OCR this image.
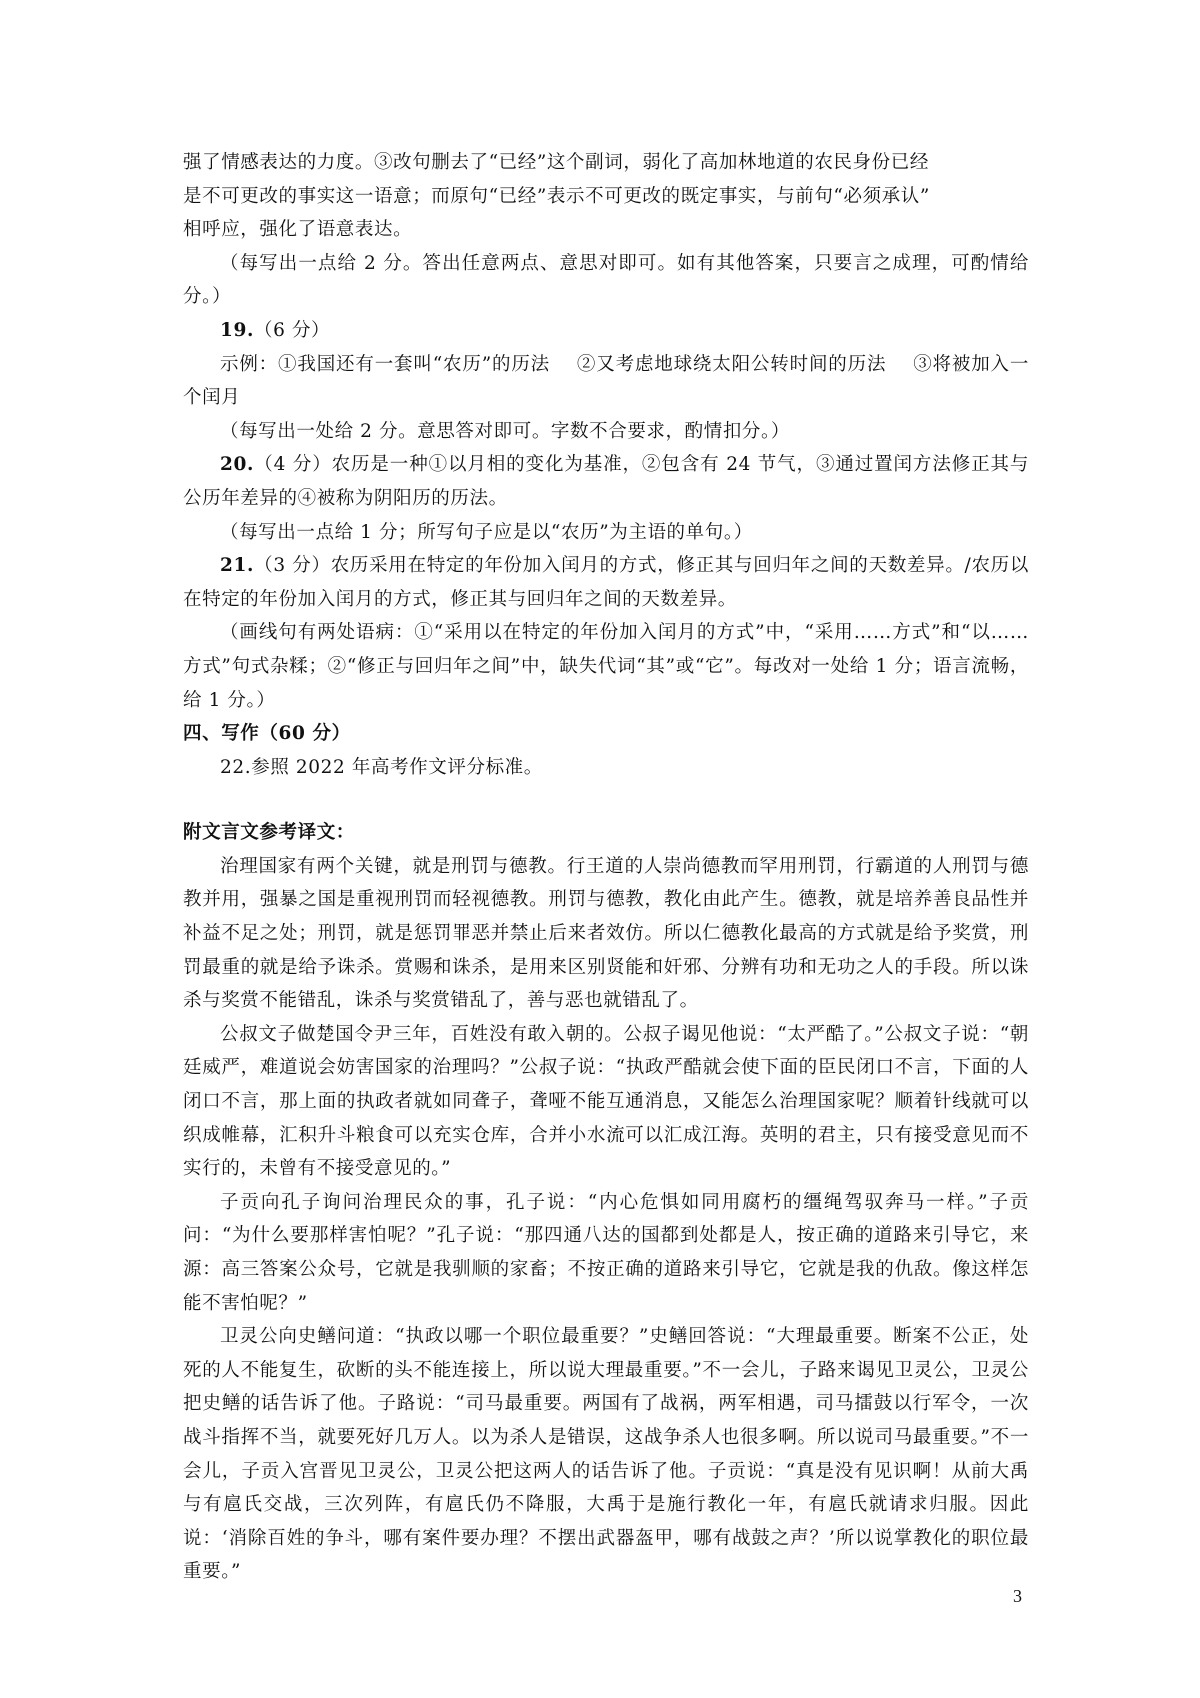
强了情感表达的力度。③改句删去了“已经”这个副词，弱化了高加林地道的农民身份已经

是不可更改的事实这一语意；而原句“已经”表示不可更改的既定事实，与前句“必须承认”

相呼应，强化了语意表达。

（每写出一点给 2 分。答出任意两点、意思对即可。如有其他答案，只要言之成理，可酌情给分。）

19.（6 分）

示例：①我国还有一套叫“农历”的历法    ②又考虑地球绕太阳公转时间的历法    ③将被加入一个闰月

（每写出一处给 2 分。意思答对即可。字数不合要求，酌情扣分。）

20.（4 分）农历是一种①以月相的变化为基准，②包含有 24 节气，③通过置闰方法修正其与公历年差异的④被称为阴阳历的历法。

（每写出一点给 1 分；所写句子应是以“农历”为主语的单句。）

21.（3 分）农历采用在特定的年份加入闰月的方式，修正其与回归年之间的天数差异。/农历以在特定的年份加入闰月的方式，修正其与回归年之间的天数差异。

（画线句有两处语病：①“采用以在特定的年份加入闰月的方式”中，“采用……方式”和“以……方式”句式杂糅；②“修正与回归年之间”中，缺失代词“其”或“它”。每改对一处给 1 分；语言流畅，给 1 分。）

四、写作（60 分）

22.参照 2022 年高考作文评分标准。

附文言文参考译文：

治理国家有两个关键，就是刑罚与德教。行王道的人崇尚德教而罕用刑罚，行霸道的人刑罚与德教并用，强暴之国是重视刑罚而轻视德教。刑罚与德教，教化由此产生。德教，就是培养善良品性并补益不足之处；刑罚，就是惩罚罪恶并禁止后来者效仿。所以仁德教化最高的方式就是给予奖赏，刑罚最重的就是给予诛杀。赏赐和诛杀，是用来区别贤能和奸邪、分辨有功和无功之人的手段。所以诛杀与奖赏不能错乱，诛杀与奖赏错乱了，善与恶也就错乱了。

公叔文子做楚国令尹三年，百姓没有敢入朝的。公叔子谒见他说：“太严酷了。”公叔文子说：“朝廷威严，难道说会妨害国家的治理吗？”公叔子说：“执政严酷就会使下面的臣民闭口不言，下面的人闭口不言，那上面的执政者就如同聋子，聋哑不能互通消息，又能怎么治理国家呢？顺着针线就可以织成帷幕，汇积升斗粮食可以充实仓库，合并小水流可以汇成江海。英明的君主，只有接受意见而不实行的，未曾有不接受意见的。”

子贡向孔子询问治理民众的事，孔子说：“内心危惧如同用腐朽的缰绳驾驭奔马一样。”子贡问：“为什么要那样害怕呢？”孔子说：“那四通八达的国都到处都是人，按正确的道路来引导它，来源：高三答案公众号，它就是我驯顺的家畜；不按正确的道路来引导它，它就是我的仇敌。像这样怎能不害怕呢？”

卫灵公向史鳝问道：“执政以哪一个职位最重要？”史鳝回答说：“大理最重要。断案不公正，处死的人不能复生，砍断的头不能连接上，所以说大理最重要。”不一会儿，子路来谒见卫灵公，卫灵公把史鳝的话告诉了他。子路说：“司马最重要。两国有了战祸，两军相遇，司马擂鼓以行军令，一次战斗指挥不当，就要死好几万人。以为杀人是错误，这战争杀人也很多啊。所以说司马最重要。”不一会儿，子贡入宫晋见卫灵公，卫灵公把这两人的话告诉了他。子贡说：“真是没有见识啊！从前大禹与有扈氏交战，三次列阵，有扈氏仍不降服，大禹于是施行教化一年，有扈氏就请求归服。因此说：‘消除百姓的争斗，哪有案件要办理？不摆出武器盔甲，哪有战鼓之声？’所以说掌教化的职位最重要。”

3
